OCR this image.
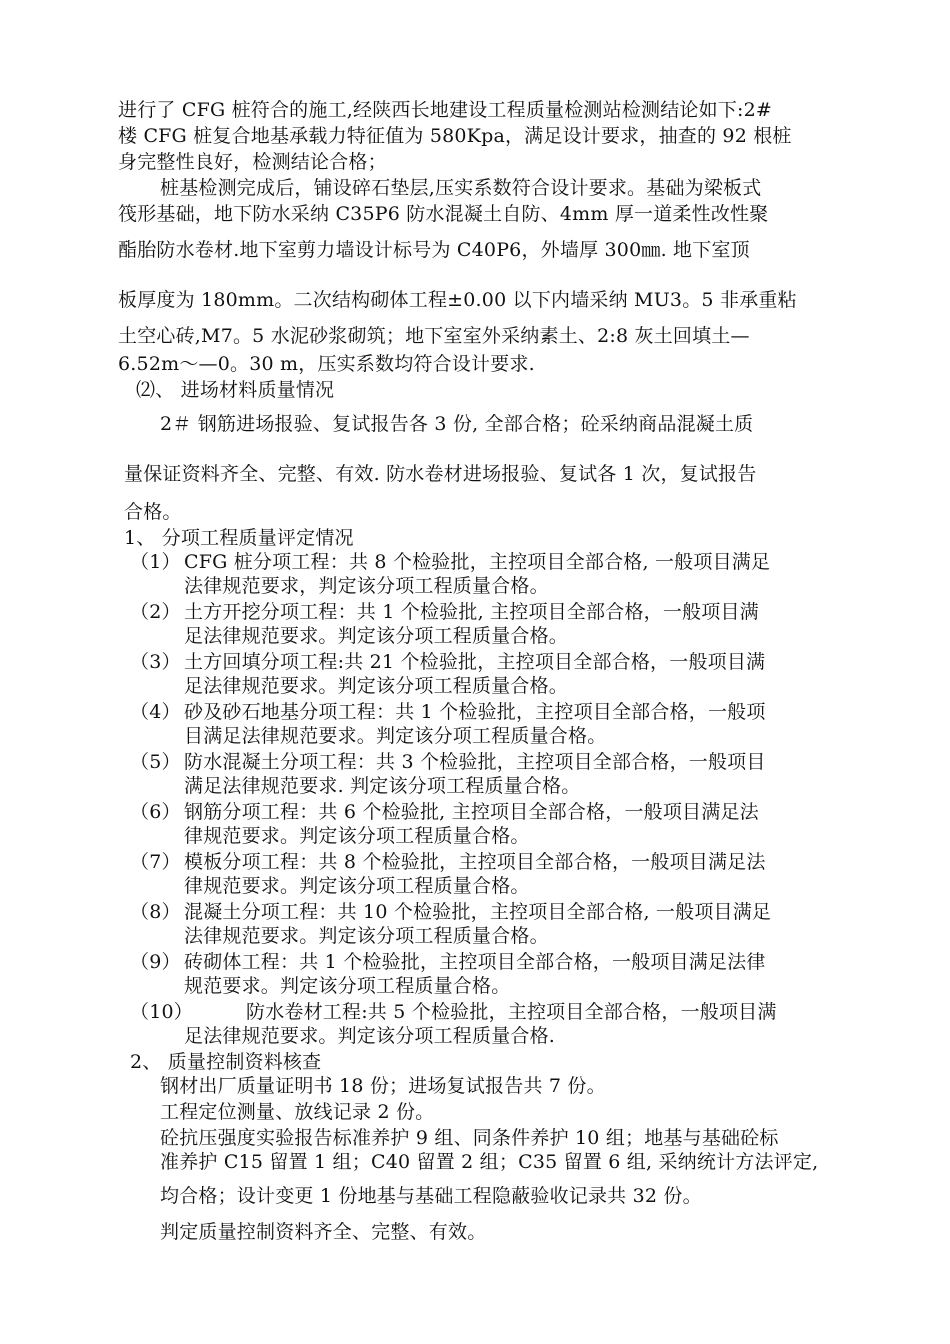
进行了 CFG 桩符合的施工,经陕西长地建设工程质量检测站检测结论如下:2#
楼 CFG 桩复合地基承载力特征值为 580Kpa，满足设计要求，抽查的 92 根桩
身完整性良好，检测结论合格；
桩基检测完成后，铺设碎石垫层,压实系数符合设计要求。基础为梁板式
筏形基础，地下防水采纳 C35P6 防水混凝土自防、4mm 厚一道柔性改性聚
酯胎防水卷材.地下室剪力墙设计标号为 C40P6，外墙厚 300㎜. 地下室顶
板厚度为 180mm。二次结构砌体工程±0.00 以下内墙采纳 MU3。5 非承重粘
土空心砖,M7。5 水泥砂浆砌筑；地下室室外采纳素土、2:8 灰土回填土—
6.52m～—0。30 m，压实系数均符合设计要求.
⑵、 进场材料质量情况
2＃ 钢筋进场报验、复试报告各 3 份, 全部合格；砼采纳商品混凝土质
量保证资料齐全、完整、有效. 防水卷材进场报验、复试各 1 次，复试报告
合格。
1、 分项工程质量评定情况
（1） CFG 桩分项工程：共 8 个检验批，主控项目全部合格, 一般项目满足
法律规范要求，判定该分项工程质量合格。
（2） 土方开挖分项工程：共 1 个检验批, 主控项目全部合格，一般项目满
足法律规范要求。判定该分项工程质量合格。
（3） 土方回填分项工程:共 21 个检验批，主控项目全部合格，一般项目满
足法律规范要求。判定该分项工程质量合格。
（4） 砂及砂石地基分项工程：共 1 个检验批，主控项目全部合格，一般项
目满足法律规范要求。判定该分项工程质量合格。
（5） 防水混凝土分项工程：共 3 个检验批，主控项目全部合格，一般项目
满足法律规范要求. 判定该分项工程质量合格。
（6） 钢筋分项工程：共 6 个检验批, 主控项目全部合格，一般项目满足法
律规范要求。判定该分项工程质量合格。
（7） 模板分项工程：共 8 个检验批，主控项目全部合格，一般项目满足法
律规范要求。判定该分项工程质量合格。
（8） 混凝土分项工程：共 10 个检验批，主控项目全部合格, 一般项目满足
法律规范要求。判定该分项工程质量合格。
（9） 砖砌体工程：共 1 个检验批，主控项目全部合格，一般项目满足法律
规范要求。判定该分项工程质量合格。
（10）	防水卷材工程:共 5 个检验批，主控项目全部合格，一般项目满
足法律规范要求。判定该分项工程质量合格.
2、 质量控制资料核查
钢材出厂质量证明书 18 份；进场复试报告共 7 份。
工程定位测量、放线记录 2 份。
砼抗压强度实验报告标准养护 9 组、同条件养护 10 组；地基与基础砼标
准养护 C15 留置 1 组；C40 留置 2 组；C35 留置 6 组, 采纳统计方法评定,
均合格；设计变更 1 份地基与基础工程隐蔽验收记录共 32 份。
判定质量控制资料齐全、完整、有效。
